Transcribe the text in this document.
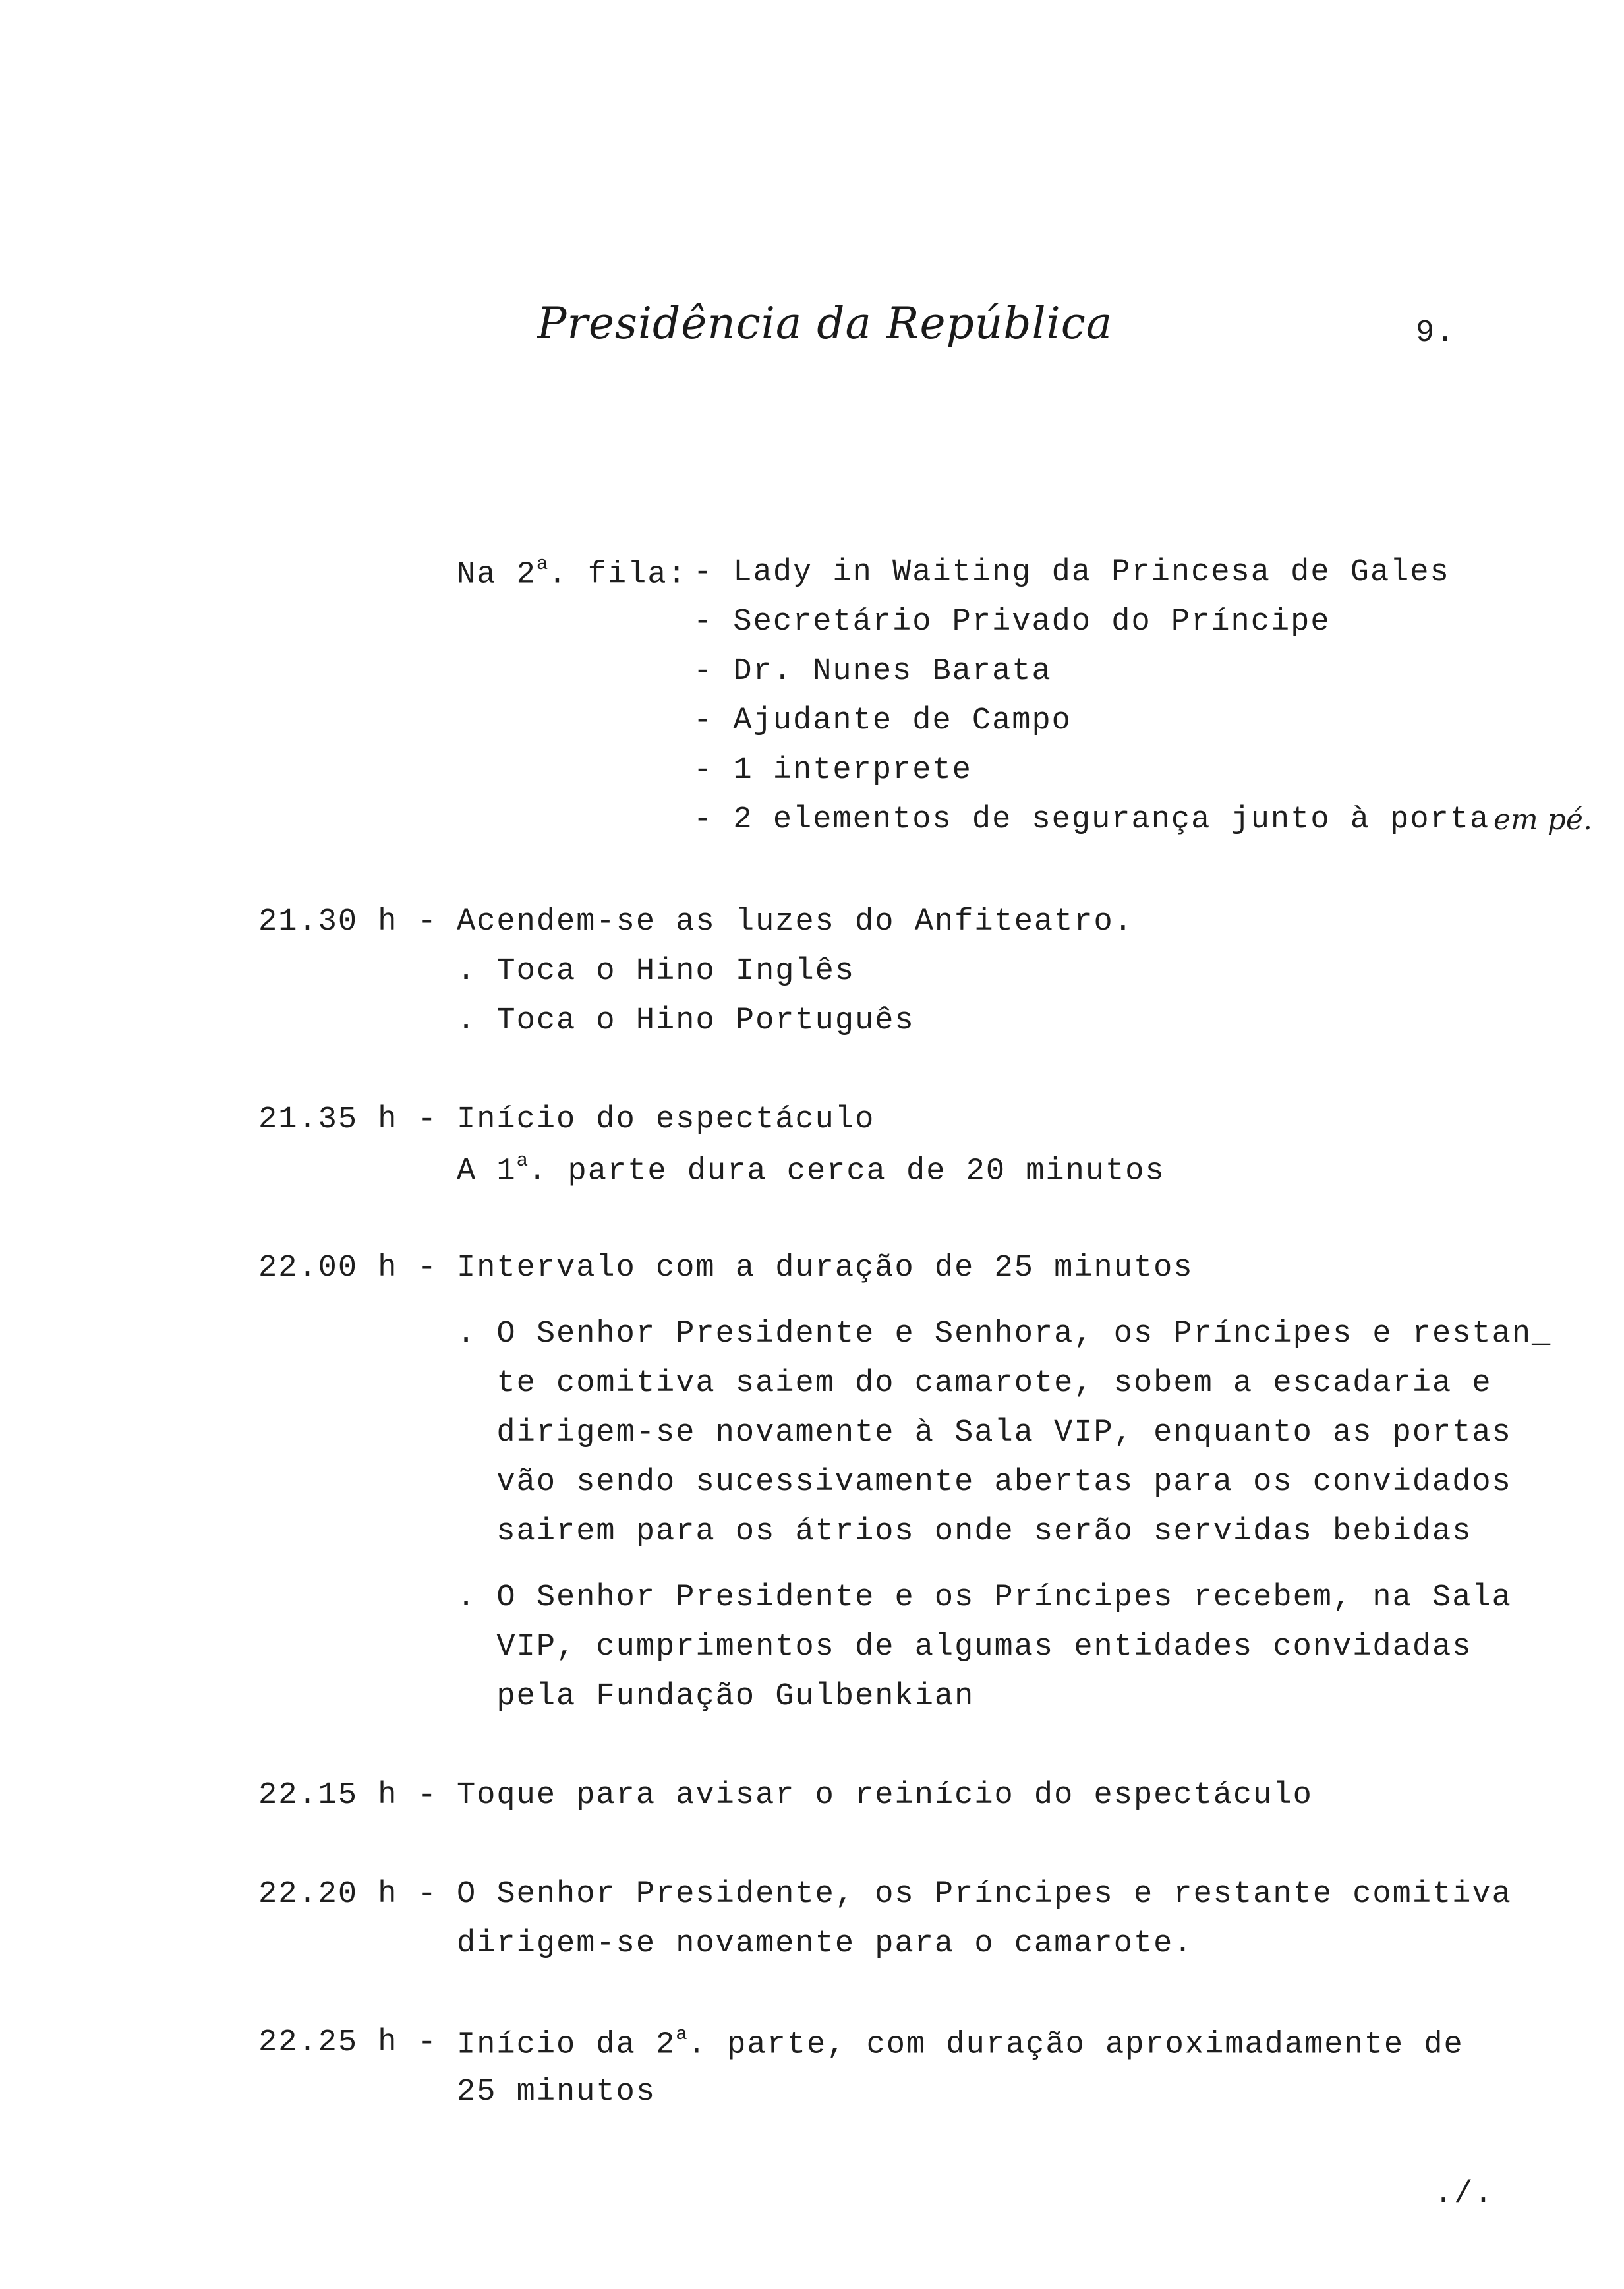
Presidência da República	9.
Na 2$^a$. fila: - Lady in Waiting da Princesa de Gales
- Secretário Privado do Príncipe
- Dr. Nunes Barata
- Ajudante de Campo
- 1 interprete
- 2 elementos de segurança junto à porta em pé.
21.30 h - Acendem-se as luzes do Anfiteatro.
. Toca o Hino Inglês
. Toca o Hino Português
21.35 h - Início do espectáculo
A 1$^a$. parte dura cerca de 20 minutos
22.00 h - Intervalo com a duração de 25 minutos
. O Senhor Presidente e Senhora, os Príncipes e restan_
te comitiva saiem do camarote, sobem a escadaria e
dirigem-se novamente à Sala VIP, enquanto as portas
vão sendo sucessivamente abertas para os convidados
sairem para os átrios onde serão servidas bebidas
. O Senhor Presidente e os Príncipes recebem, na Sala
VIP, cumprimentos de algumas entidades convidadas
pela Fundação Gulbenkian
22.15 h - Toque para avisar o reinício do espectáculo
22.20 h - O Senhor Presidente, os Príncipes e restante comitiva
dirigem-se novamente para o camarote.
22.25 h - Início da 2$^a$. parte, com duração aproximadamente de
25 minutos
./.
